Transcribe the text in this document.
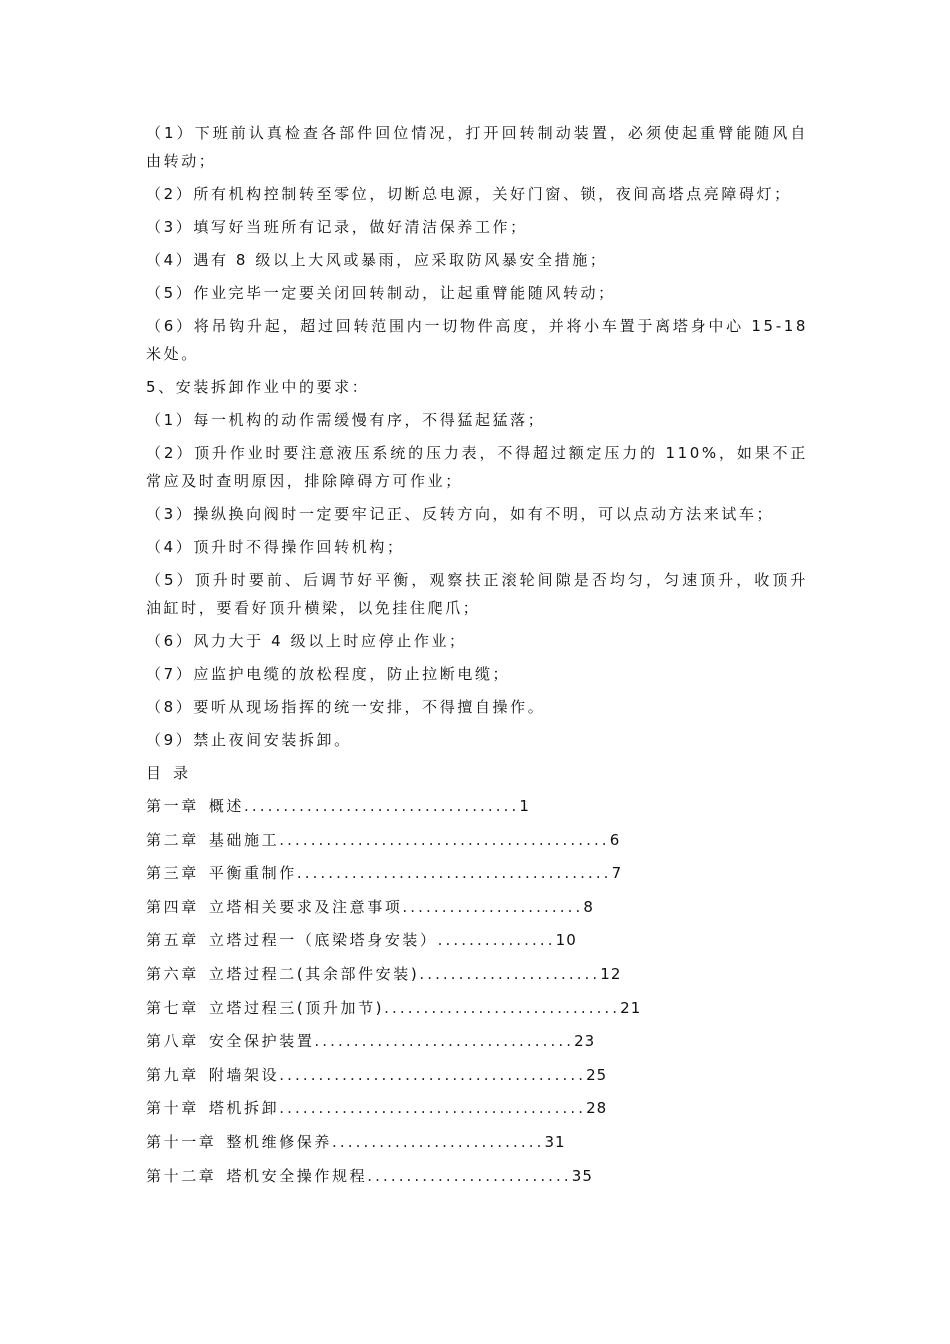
（1）下班前认真检查各部件回位情况，打开回转制动装置，必须使起重臂能随风自由转动；

（2）所有机构控制转至零位，切断总电源，关好门窗、锁，夜间高塔点亮障碍灯；

（3）填写好当班所有记录，做好清洁保养工作；

（4）遇有 8 级以上大风或暴雨，应采取防风暴安全措施；

（5）作业完毕一定要关闭回转制动，让起重臂能随风转动；

（6）将吊钩升起，超过回转范围内一切物件高度，并将小车置于离塔身中心 15-18 米处。

5、安装拆卸作业中的要求：

（1）每一机构的动作需缓慢有序，不得猛起猛落；

（2）顶升作业时要注意液压系统的压力表，不得超过额定压力的 110%，如果不正常应及时查明原因，排除障碍方可作业；

（3）操纵换向阀时一定要牢记正、反转方向，如有不明，可以点动方法来试车；

（4）顶升时不得操作回转机构；

（5）顶升时要前、后调节好平衡，观察扶正滚轮间隙是否均匀，匀速顶升，收顶升油缸时，要看好顶升横梁，以免挂住爬爪；

（6）风力大于 4 级以上时应停止作业；

（7）应监护电缆的放松程度，防止拉断电缆；

（8）要听从现场指挥的统一安排，不得擅自操作。

（9）禁止夜间安装拆卸。

目录

第一章 概述 ................................... 1
第二章 基础施工 .......................................... 6
第三章 平衡重制作 ........................................ 7
第四章 立塔相关要求及注意事项 ....................... 8
第五章 立塔过程一（底梁塔身安装） ............... 10
第六章 立塔过程二(其余部件安装) ....................... 12
第七章 立塔过程三(顶升加节) .............................. 21
第八章 安全保护装置 ................................. 23
第九章 附墙架设 ....................................... 25
第十章 塔机拆卸 ....................................... 28
第十一章 整机维修保养 ........................... 31
第十二章 塔机安全操作规程 .......................... 35
